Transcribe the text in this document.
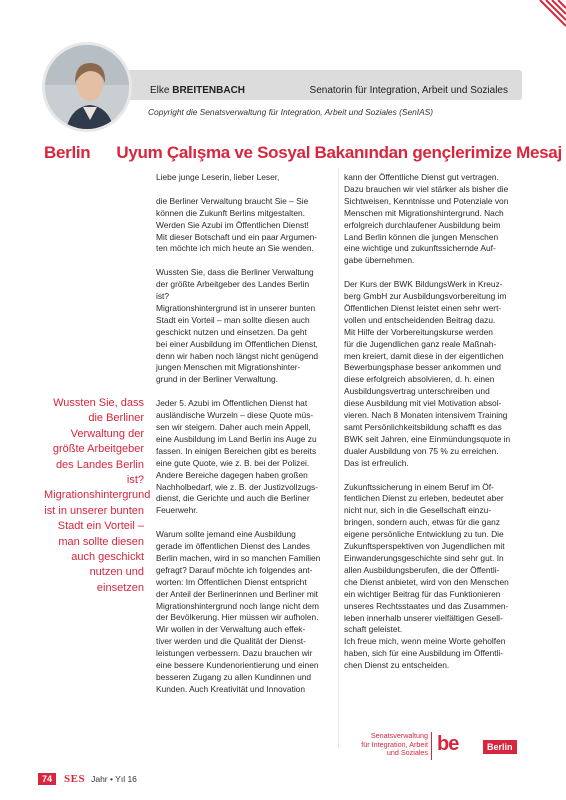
Elke BREITENBACH	Senatorin für Integration, Arbeit und Soziales
Copyright die Senatsverwaltung für Integration, Arbeit und Soziales (SenIAS)
Berlin Uyum Çalışma ve Sosyal Bakanından gençlerimize Mesaj
Wussten Sie, dass die Berliner Verwaltung der größte Arbeitgeber des Landes Berlin ist? Migrationshintergrund ist in unserer bunten Stadt ein Vorteil – man sollte diesen auch geschickt nutzen und einsetzen

Liebe junge Leserin, lieber Leser,

die Berliner Verwaltung braucht Sie – Sie
können die Zukunft Berlins mitgestalten.
Werden Sie Azubi im Öffentlichen Dienst!
Mit dieser Botschaft und ein paar Argumen-
ten möchte ich mich heute an Sie wenden.

Wussten Sie, dass die Berliner Verwaltung
der größte Arbeitgeber des Landes Berlin
ist?
Migrationshintergrund ist in unserer bunten
Stadt ein Vorteil – man sollte diesen auch
geschickt nutzen und einsetzen. Da geht
bei einer Ausbildung im Öffentlichen Dienst,
denn wir haben noch längst nicht genügend
jungen Menschen mit Migrationshinter-
grund in der Berliner Verwaltung.

Jeder 5. Azubi im Öffentlichen Dienst hat
ausländische Wurzeln – diese Quote müs-
sen wir steigern. Daher auch mein Appell,
eine Ausbildung im Land Berlin ins Auge zu
fassen. In einigen Bereichen gibt es bereits
eine gute Quote, wie z. B. bei der Polizei.
Andere Bereiche dagegen haben großen
Nachholbedarf, wie z. B. der Justizvollzugs-
dienst, die Gerichte und auch die Berliner
Feuerwehr.

Warum sollte jemand eine Ausbildung
gerade im öffentlichen Dienst des Landes
Berlin machen, wird in so manchen Familien
gefragt? Darauf möchte ich folgendes ant-
worten: Im Öffentlichen Dienst entspricht
der Anteil der Berlinerinnen und Berliner mit
Migrationshintergrund noch lange nicht dem
der Bevölkerung. Hier müssen wir aufholen.
Wir wollen in der Verwaltung auch effek-
tiver werden und die Qualität der Dienst-
leistungen verbessern. Dazu brauchen wir
eine bessere Kundenorientierung und einen
besseren Zugang zu allen Kundinnen und
Kunden. Auch Kreativität und Innovation

kann der Öffentliche Dienst gut vertragen.
Dazu brauchen wir viel stärker als bisher die
Sichtweisen, Kenntnisse und Potenziale von
Menschen mit Migrationshintergrund. Nach
erfolgreich durchlaufener Ausbildung beim
Land Berlin können die jungen Menschen
eine wichtige und zukunftssichernde Auf-
gabe übernehmen.

Der Kurs der BWK BildungsWerk in Kreuz-
berg GmbH zur Ausbildungsvorbereitung im
Öffentlichen Dienst leistet einen sehr wert-
vollen und entscheidenden Beitrag dazu.
Mit Hilfe der Vorbereitungskurse werden
für die Jugendlichen ganz reale Maßnah-
men kreiert, damit diese in der eigentlichen
Bewerbungsphase besser ankommen und
diese erfolgreich absolvieren, d. h. einen
Ausbildungsvertrag unterschreiben und
diese Ausbildung mit viel Motivation absol-
vieren. Nach 8 Monaten intensivem Training
samt Persönlichkeitsbildung schafft es das
BWK seit Jahren, eine Einmündungsquote in
dualer Ausbildung von 75 % zu erreichen.
Das ist erfreulich.

Zukunftssicherung in einem Beruf im Öf-
fentlichen Dienst zu erleben, bedeutet aber
nicht nur, sich in die Gesellschaft einzu-
bringen, sondern auch, etwas für die ganz
eigene persönliche Entwicklung zu tun. Die
Zukunftsperspektiven von Jugendlichen mit
Einwanderungsgeschichte sind sehr gut. In
allen Ausbildungsberufen, die der Öffentli-
che Dienst anbietet, wird von den Menschen
ein wichtiger Beitrag für das Funktionieren
unseres Rechtsstaates und das Zusammen-
leben innerhalb unserer vielfältigen Gesell-
schaft geleistet.
Ich freue mich, wenn meine Worte geholfen
haben, sich für eine Ausbildung im Öffentli-
chen Dienst zu entscheiden.

Senatsverwaltung
für Integration, Arbeit
und Soziales be	Berlin
74	SES Jahr • Yıl 16
